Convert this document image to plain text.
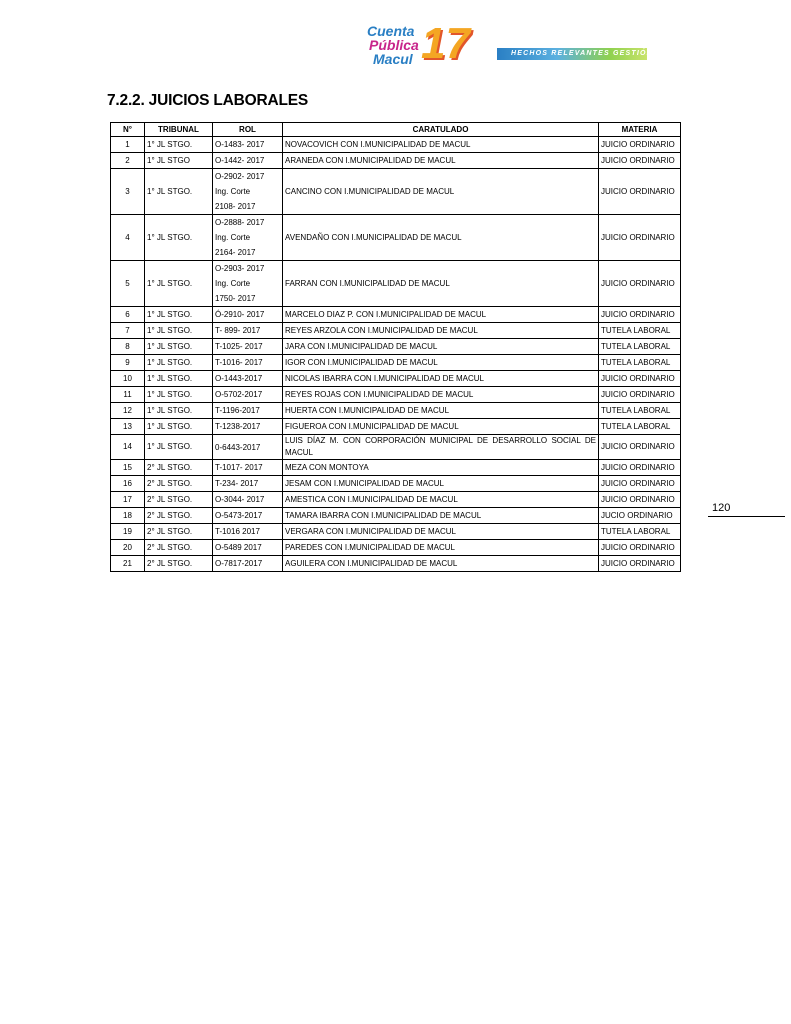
Cuenta
Pública
Macul 17	HECHOS RELEVANTES GESTIÓN 2017
7.2.2. JUICIOS LABORALES
N°	TRIBUNAL	ROL	CARATULADO	MATERIA
1	1° JL STGO.	O-1483- 2017	NOVACOVICH CON I.MUNICIPALIDAD DE MACUL	JUICIO ORDINARIO
2	1° JL STGO	O-1442- 2017	ARANEDA CON I.MUNICIPALIDAD DE MACUL	JUICIO ORDINARIO
3	1° JL STGO.	O-2902- 2017
Ing. Corte
2108- 2017	CANCINO CON I.MUNICIPALIDAD DE MACUL	JUICIO ORDINARIO
4	1° JL STGO.	O-2888- 2017
Ing. Corte
2164- 2017	AVENDAÑO CON I.MUNICIPALIDAD DE MACUL	JUICIO ORDINARIO
5	1° JL STGO.	O-2903- 2017
Ing. Corte
1750- 2017	FARRAN CON I.MUNICIPALIDAD DE MACUL	JUICIO ORDINARIO
6	1° JL STGO.	Ó-2910- 2017	MARCELO DIAZ P. CON I.MUNICIPALIDAD DE MACUL	JUICIO ORDINARIO
7	1° JL STGO.	T- 899- 2017	REYES ARZOLA CON I.MUNICIPALIDAD DE MACUL	TUTELA LABORAL
8	1° JL STGO.	T-1025- 2017	JARA CON I.MUNICIPALIDAD DE MACUL	TUTELA LABORAL
9	1° JL STGO.	T-1016- 2017	IGOR CON I.MUNICIPALIDAD DE MACUL	TUTELA LABORAL
10	1° JL STGO.	O-1443-2017	NICOLAS IBARRA CON I.MUNICIPALIDAD DE MACUL	JUICIO ORDINARIO
11	1° JL STGO.	O-5702-2017	REYES ROJAS CON I.MUNICIPALIDAD DE MACUL	JUICIO ORDINARIO
12	1° JL STGO.	T-1196-2017	HUERTA CON I.MUNICIPALIDAD DE MACUL	TUTELA LABORAL
13	1° JL STGO.	T-1238-2017	FIGUEROA CON I.MUNICIPALIDAD DE MACUL	TUTELA LABORAL
14	1° JL STGO.	0-6443-2017	LUIS DÍAZ M. CON CORPORACIÓN MUNICIPAL DE DESARROLLO SOCIAL DE MACUL	JUICIO ORDINARIO
15	2° JL STGO.	T-1017- 2017	MEZA CON MONTOYA	JUICIO ORDINARIO
16	2° JL STGO.	T-234- 2017	JESAM CON I.MUNICIPALIDAD DE MACUL	JUICIO ORDINARIO
17	2° JL STGO.	O-3044- 2017	AMESTICA CON I.MUNICIPALIDAD DE MACUL	JUICIO ORDINARIO
18	2° JL STGO.	O-5473-2017	TAMARA IBARRA CON I.MUNICIPALIDAD DE MACUL	JUCIO ORDINARIO
19	2° JL STGO.	T-1016 2017	VERGARA CON I.MUNICIPALIDAD DE MACUL	TUTELA LABORAL
20	2° JL STGO.	O-5489 2017	PAREDES CON I.MUNICIPALIDAD DE MACUL	JUICIO ORDINARIO
21	2° JL STGO.	O-7817-2017	AGUILERA CON I.MUNICIPALIDAD DE MACUL	JUICIO ORDINARIO
120
